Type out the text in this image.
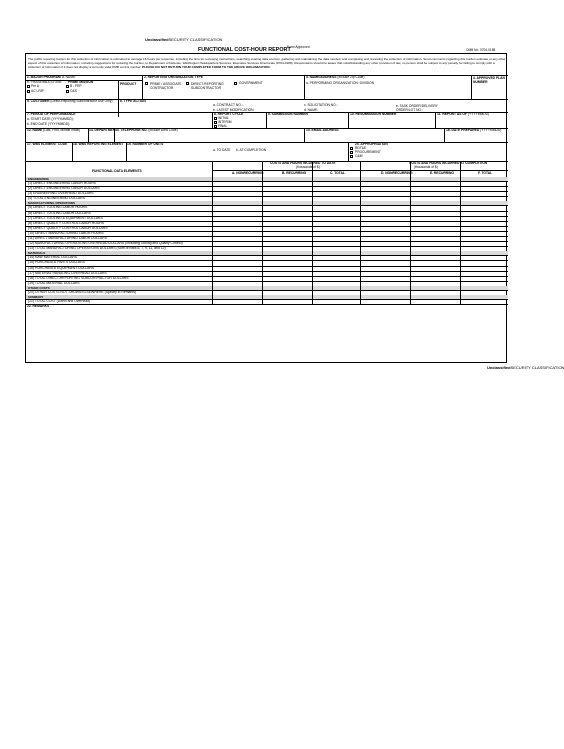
UnclassifiedSECURITY CLASSIFICATION
FUNCTIONAL COST-HOUR REPORT
Form Approved
OMB No. 0704-0188
The public reporting burden for this collection of information is estimated to average 16 hours per response, including the time for reviewing instructions, searching existing data sources, gathering and maintaining the data needed, and completing and reviewing the collection of information. Send comments regarding this burden estimate or any other aspect of this collection of information, including suggestions for reducing the burden, to Department of Defense, Washington Headquarters Services, Executive Services Directorate (0704-0188). Respondents should be aware that notwithstanding any other provision of law, no person shall be subject to any penalty for failing to comply with a collection of information if it does not display a currently valid OMB control number. PLEASE DO NOT RETURN YOUR COMPLETED FORM TO THE ABOVE ORGANIZATION.
1. MAJOR PROGRAM a. NAME:
b. PHASE/MILESTONE PRIME MISSION
Pre A	B - FRP
AC LRIP	O&S
PRODUCT
2. REPORTING ORGANIZATION TYPE
PRIME / ASSOCIATE CONTRACTOR
DIRECT-REPORTING SUBCONTRACTOR
GOVERNMENT
3. NAME/ADDRESS (Include Zip Code)
a. PERFORMING ORGANIZATION: DIVISION
4. APPROVED PLAN NUMBER
5. CUSTOMER (Direct-Reporting Subcontractor Use Only) 6. TYPE ACTION
a. CONTRACT NO.:
b. LATEST MODIFICATION:
c. SOLICITATION NO.:
d. NAME:
e. TASK ORDER/DELIVERY ORDER/LOT NO.:
7. PERIOD OF PERFORMANCE
a. START DATE (YYYYMMDD):
b. END DATE (YYYYMMDD):
8. REPORT CYCLE
INITIAL
INTERIM
FINAL
9. SUBMISSION NUMBER	10. RESUBMISSION NUMBER	11. REPORT AS OF (YYYYMMDD)
12. NAME (Last, First, Middle Initial)	13. DEPARTMENT
14. TELEPHONE NO. (Include Area Code)	15. EMAIL ADDRESS	16. DATE PREPARED (YYYYMMDD)
17. WBS ELEMENT CODE 18. WBS REPORTING ELEMENT 19. NUMBER OF UNITS
a. TO DATE b. AT COMPLETION
20. APPROPRIATION
RDT&E
PROCUREMENT
O&M
FUNCTIONAL DATA ELEMENTS
COSTS AND HOURS INCURRED TO DATE
(thousands of $)
COSTS AND HOURS INCURRED AT COMPLETION
(thousands of $)
A. NONRECURRING	B. RECURRING	C. TOTAL	D. NONRECURRING	E. RECURRING	F. TOTAL
22. REMARKS
ENGINEERING
(1) DIRECT ENGINEERING LABOR HOURS
(2) DIRECT ENGINEERING LABOR DOLLARS
(3) ENGINEERING OVERHEAD DOLLARS
(4) TOTAL ENGINEERING DOLLARS
MANUFACTURING OPERATIONS
(5) DIRECT TOOLING LABOR HOURS
(6) DIRECT TOOLING LABOR DOLLARS
(7) DIRECT TOOLING & EQUIPMENT DOLLARS
(8) DIRECT QUALITY CONTROL LABOR HOURS
(9) DIRECT QUALITY CONTROL LABOR DOLLARS
(10) DIRECT MANUFACTURING LABOR HOURS
(11) DIRECT MANUFACTURING LABOR DOLLARS
(12) MANUFACTURING OPERATIONS OVERHEAD DOLLARS (Including Tooling and Quality Control)
(13) TOTAL MANUFACTURING OPERATIONS DOLLARS (Sum of rows 6, 7, 9, 11, and 12)
MATERIALS
(14) RAW MATERIAL DOLLARS
(15) PURCHASED PARTS DOLLARS
(16) PURCHASED EQUIPMENT DOLLARS
(17) MATERIAL HANDLING OVERHEAD DOLLARS
(18) TOTAL DIRECT-REPORTING SUBCONTRACTOR DOLLARS
(19) TOTAL MATERIAL DOLLARS
OTHER COSTS
(20) OTHER COSTS NOT SHOWN ELSEWHERE (Specify in Remarks)
SUMMARY
(21) TOTAL COST (Direct and Overhead)
UnclassifiedSECURITY CLASSIFICATION
